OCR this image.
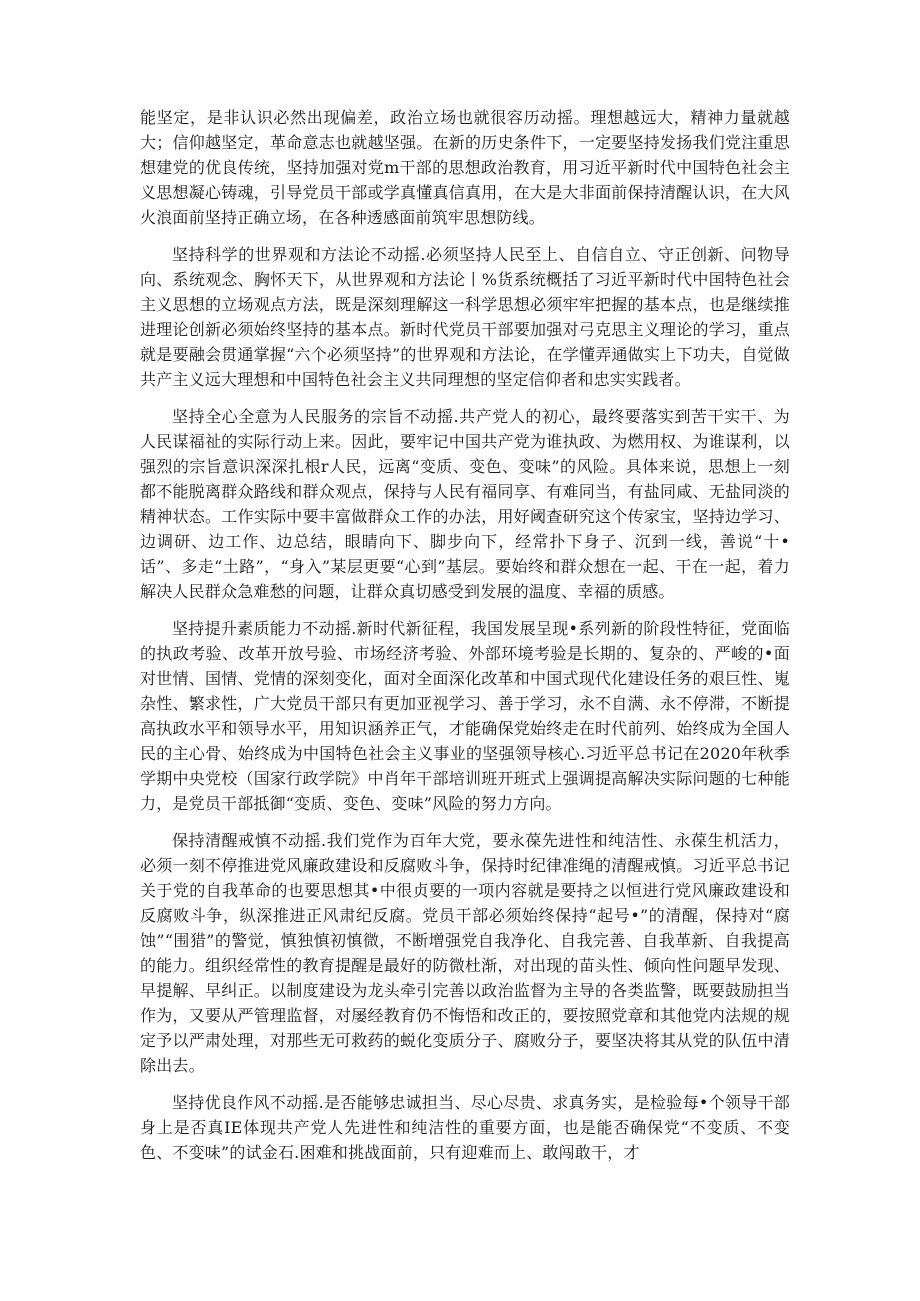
能坚定，是非认识必然出现偏差，政治立场也就很容历动摇。理想越远大，精神力量就越大；信仰越坚定，革命意志也就越坚强。在新的历史条件下，一定要坚持发扬我们党注重思想建党的优良传统，坚持加强对党m干部的思想政治教育，用习近平新时代中国特色社会主义思想凝心铸魂，引导党员干部或学真懂真信真用，在大是大非面前保持清醒认识，在大风火浪面前坚持正确立场，在各种透感面前筑牢思想防线。

坚持科学的世界观和方法论不动摇.必须坚持人民至上、自信自立、守正创新、问物导向、系统观念、胸怀天下，从世界观和方法论丨%货系统概括了习近平新时代中国特色社会主义思想的立场观点方法，既是深刻理解这一科学思想必须牢牢把握的基本点，也是继续推进理论创新必须始终坚持的基本点。新时代党员干部要加强对弓克思主义理论的学习，重点就是要融会贯通掌握“六个必须坚持”的世界观和方法论，在学懂弄通做实上下功夫，自觉做共产主义远大理想和中国特色社会主义共同理想的坚定信仰者和忠实实践者。

坚持全心全意为人民服务的宗旨不动摇.共产党人的初心，最终要落实到苦干实干、为人民谋福祉的实际行动上来。因此，要牢记中国共产党为谁执政、为燃用权、为谁谋利，以强烈的宗旨意识深深扎根r人民，远离“变质、变色、变味”的风险。具体来说，思想上一刻都不能脱离群众路线和群众观点，保持与人民有福同享、有难同当，有盐同咸、无盐同淡的精神状态。工作实际中要丰富做群众工作的办法，用好阈查研究这个传家宝，坚持边学习、边调研、边工作、边总结，眼睛向下、脚步向下，经常扑下身子、沉到一线，善说“十•话”、多走“土路”，“身入”某层更要“心到”基层。要始终和群众想在一起、干在一起，着力解决人民群众急难愁的问题，让群众真切感受到发展的温度、幸福的质感。

坚持提升素质能力不动摇.新时代新征程，我国发展呈现•系列新的阶段性特征，党面临的执政考验、改革开放号验、市场经济考验、外部环境考验是长期的、复杂的、严峻的•面对世情、国情、党情的深刻变化，面对全面深化改革和中国式现代化建设任务的艰巨性、嵬杂性、繁求性，广大党员干部只有更加亚视学习、善于学习，永不自满、永不停滞，不断提高执政水平和领导水平，用知识涵养正气，才能确保党始终走在时代前列、始终成为全国人民的主心骨、始终成为中国特色社会主义事业的坚强领导核心.习近平总书记在2020年秋季学期中央党校（国家行政学院》中肖年干部培训班开班式上强调提高解决实际问题的七种能力，是党员干部抵御“变质、变色、变味”风险的努力方向。

保持清醒戒慎不动摇.我们党作为百年大党，要永葆先进性和纯洁性、永葆生机活力，必须一刻不停推进党风廉政建设和反腐败斗争，保持时纪律准绳的清醒戒慎。习近平总书记关于党的自我革命的也要思想其•中很贞要的一项内容就是要持之以恒进行党风廉政建设和反腐败斗争，纵深推进正风肃纪反腐。党员干部必须始终保持“起号•”的清醒，保持对“腐蚀”“围猎”的警觉，慎独慎初慎微，不断增强党自我净化、自我完善、自我革新、自我提高的能力。组织经常性的教育提醒是最好的防微杜渐，对出现的苗头性、倾向性问题早发现、早提解、早纠正。以制度建设为龙头牵引完善以政治监督为主导的各类监警，既要鼓励担当作为，又要从严管理监督，对屡经教育仍不悔悟和改正的，要按照党章和其他党内法规的规定予以严肃处理，对那些无可救药的蜕化变质分子、腐败分子，要坚决将其从党的队伍中清除出去。

坚持优良作风不动摇.是否能够忠诚担当、尽心尽贵、求真务实，是检验每•个领导干部身上是否真IE体现共产党人先进性和纯洁性的重要方面，也是能否确保党“不变质、不变色、不变味”的试金石.困难和挑战面前，只有迎难而上、敢闯敢干，才
